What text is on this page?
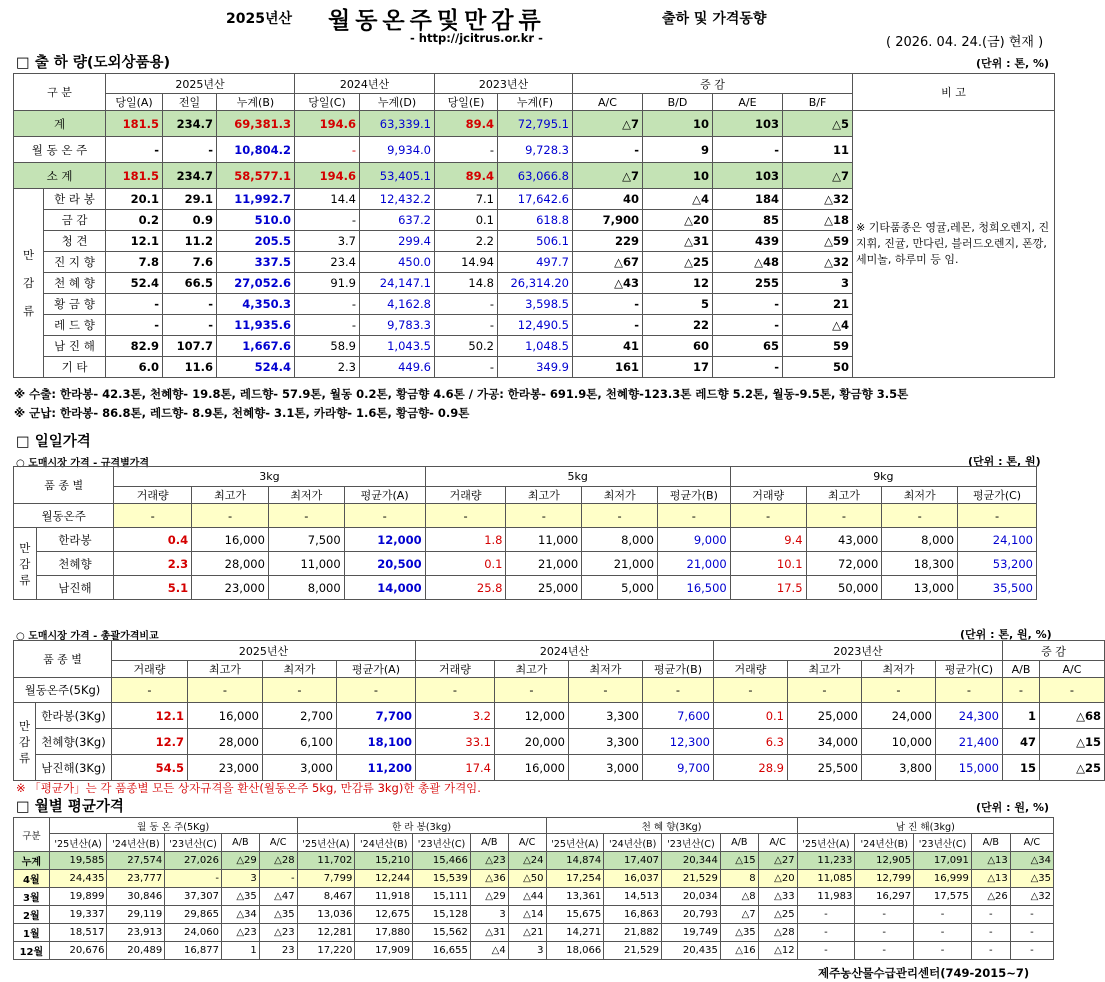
2025년산 월동온주및만감류	출하 및 가격동향
- http://jcitrus.or.kr -	( 2026. 04. 24.(금) 현재 )
□ 출 하 량(도외상품용)	(단위 : 톤, %)
구 분		2025년산			2024년산		2023년산		증 감				비 고
		당일(A)	전일	누계(B)	당일(C)	누계(D)	당일(E)	누계(F)	A/C	B/D	A/E	B/F	
계		181.5	234.7	69,381.3	194.6	63,339.1	89.4	72,795.1	△7	10	103	△5	※ 기타품종은 영귤,레몬, 청희오렌지, 진지휘, 진귤, 만다린, 블러드오렌지, 폰깡,세미놀, 하루미 등 임.
월 동 온 주		-	-	10,804.2	-	9,934.0	-	9,728.3	-	9	-	11	
소 계		181.5	234.7	58,577.1	194.6	53,405.1	89.4	63,066.8	△7	10	103	△7	

만
감
류	한 라 봉	20.1	29.1	11,992.7	14.4	12,432.2	7.1	17,642.6	40	△4	184	△32	
	금 감	0.2	0.9	510.0	-	637.2	0.1	618.8	7,900	△20	85	△18	
	청 견	12.1	11.2	205.5	3.7	299.4	2.2	506.1	229	△31	439	△59	
	진 지 향	7.8	7.6	337.5	23.4	450.0	14.94	497.7	△67	△25	△48	△32	
	천 혜 향	52.4	66.5	27,052.6	91.9	24,147.1	14.8	26,314.20	△43	12	255	3	
	황 금 향	-	-	4,350.3	-	4,162.8	-	3,598.5	-	5	-	21	
	레 드 향	-	-	11,935.6	-	9,783.3	-	12,490.5	-	22	-	△4	
	남 진 해	82.9	107.7	1,667.6	58.9	1,043.5	50.2	1,048.5	41	60	65	59	
	기 타	6.0	11.6	524.4	2.3	449.6	-	349.9	161	17	-	50	
※ 수출: 한라봉- 42.3톤, 천혜향- 19.8톤, 레드향- 57.9톤, 월동 0.2톤, 황금향 4.6톤 / 가공: 한라봉- 691.9톤, 천혜향-123.3톤 레드향 5.2톤, 월동-9.5톤, 황금향 3.5톤
※ 군납: 한라봉- 86.8톤, 레드향- 8.9톤, 천혜향- 3.1톤, 카라향- 1.6톤, 황금향- 0.9톤
□ 일일가격
○ 도매시장 가격 - 규격별가격	(단위 : 톤, 원)
품 종 별		3kg				5kg				9kg			
		거래량	최고가	최저가	평균가(A)	거래량	최고가	최저가	평균가(B)	거래량	최고가	최저가	평균가(C)
월동온주		-	-	-	-	-	-	-	-	-	-	-	-

만
감
류	한라봉	0.4	16,000	7,500	12,000	1.8	11,000	8,000	9,000	9.4	43,000	8,000	24,100
	천혜향	2.3	28,000	11,000	20,500	0.1	21,000	21,000	21,000	10.1	72,000	18,300	53,200
	남진해	5.1	23,000	8,000	14,000	25.8	25,000	5,000	16,500	17.5	50,000	13,000	35,500
○ 도매시장 가격 - 총괄가격비교	(단위 : 톤, 원, %)
품 종 별		2025년산				2024년산				2023년산				증 감	
		거래량	최고가	최저가	평균가(A)	거래량	최고가	최저가	평균가(B)	거래량	최고가	최저가	평균가(C)	A/B	A/C
월동온주(5Kg)		-	-	-	-	-	-	-	-	-	-	-	-	-	-

만
감
류	한라봉(3Kg)	12.1	16,000	2,700	7,700	3.2	12,000	3,300	7,600	0.1	25,000	24,000	24,300	1	△68
	천혜향(3Kg)	12.7	28,000	6,100	18,100	33.1	20,000	3,300	12,300	6.3	34,000	10,000	21,400	47	△15
	남진해(3Kg)	54.5	23,000	3,000	11,200	17.4	16,000	3,000	9,700	28.9	25,500	3,800	15,000	15	△25
※ 「평균가」는 각 품종별 모든 상자규격을 환산(월동온주 5kg, 만감류 3kg)한 총괄 가격임.
□ 월별 평균가격	(단위 : 원, %)
구분	월 동 온 주(5Kg)					한 라 봉(3kg)					천 혜 향(3Kg)					남 진 해(3kg)				
	'25년산(A)	'24년산(B)	'23년산(C)	A/B	A/C	'25년산(A)	'24년산(B)	'23년산(C)	A/B	A/C	'25년산(A)	'24년산(B)	'23년산(C)	A/B	A/C	'25년산(A)	'24년산(B)	'23년산(C)	A/B	A/C
누계	19,585	27,574	27,026	△29	△28	11,702	15,210	15,466	△23	△24	14,874	17,407	20,344	△15	△27	11,233	12,905	17,091	△13	△34
4월	24,435	23,777	-	3	-	7,799	12,244	15,539	△36	△50	17,254	16,037	21,529	8	△20	11,085	12,799	16,999	△13	△35
3월	19,899	30,846	37,307	△35	△47	8,467	11,918	15,111	△29	△44	13,361	14,513	20,034	△8	△33	11,983	16,297	17,575	△26	△32
2월	19,337	29,119	29,865	△34	△35	13,036	12,675	15,128	3	△14	15,675	16,863	20,793	△7	△25	-	-	-	-	-
1월	18,517	23,913	24,060	△23	△23	12,281	17,880	15,562	△31	△21	14,271	21,882	19,749	△35	△28	-	-	-	-	-
12월	20,676	20,489	16,877	1	23	17,220	17,909	16,655	△4	3	18,066	21,529	20,435	△16	△12	-	-	-	-	-
제주농산물수급관리센터(749-2015~7)
